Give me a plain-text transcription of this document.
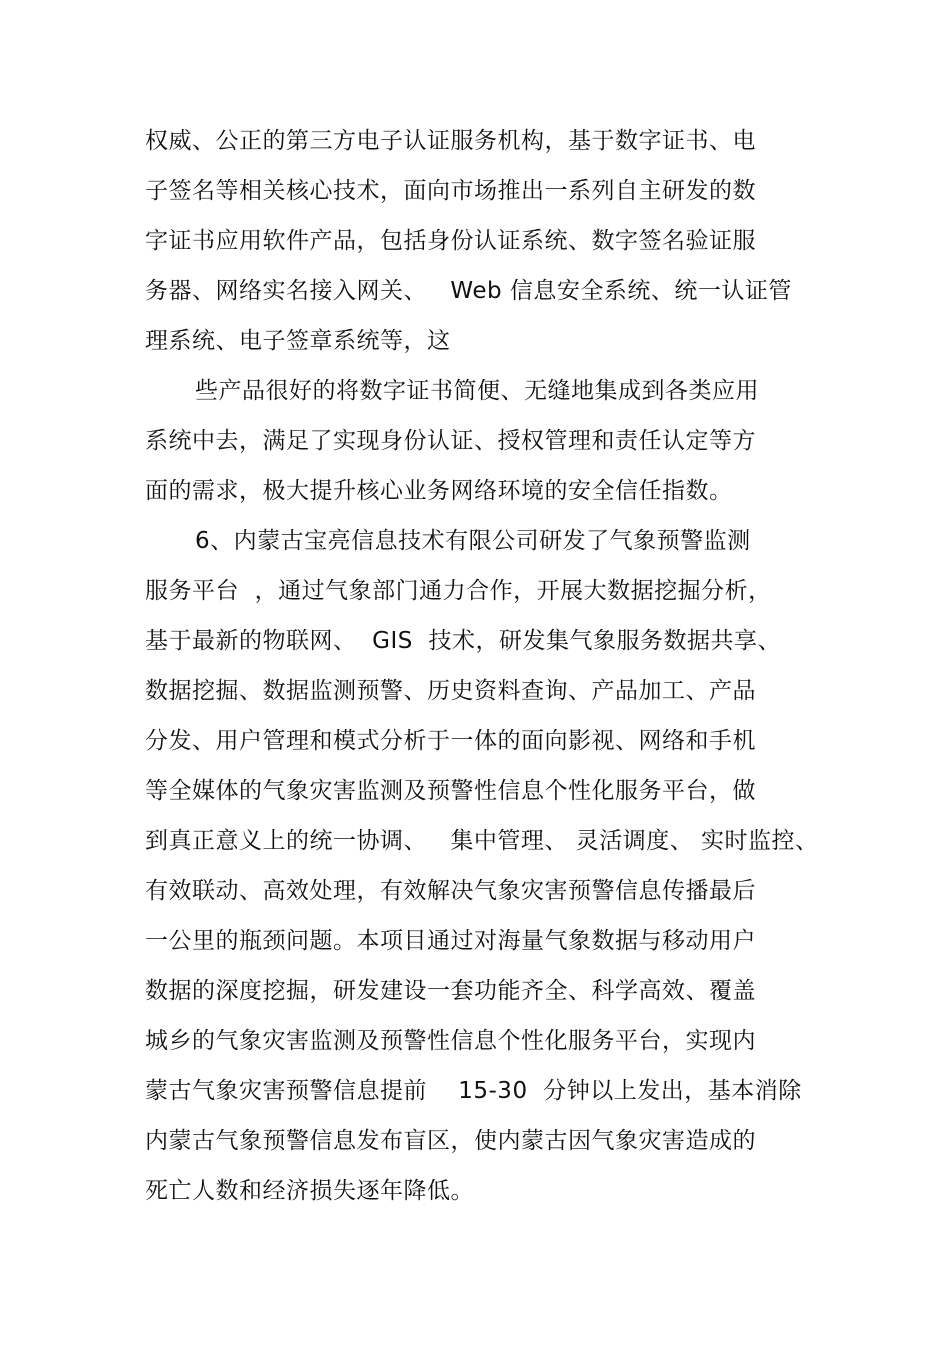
权威、公正的第三方电子认证服务机构，基于数字证书、电
子签名等相关核心技术，面向市场推出一系列自主研发的数
字证书应用软件产品，包括身份认证系统、数字签名验证服
务器、网络实名接入网关、   Web 信息安全系统、统一认证管
理系统、电子签章系统等，这
些产品很好的将数字证书简便、无缝地集成到各类应用
系统中去，满足了实现身份认证、授权管理和责任认定等方
面的需求，极大提升核心业务网络环境的安全信任指数。
6、内蒙古宝亮信息技术有限公司研发了气象预警监测
服务平台  ，通过气象部门通力合作，开展大数据挖掘分析，
基于最新的物联网、  GIS  技术，研发集气象服务数据共享、
数据挖掘、数据监测预警、历史资料查询、产品加工、产品
分发、用户管理和模式分析于一体的面向影视、网络和手机
等全媒体的气象灾害监测及预警性信息个性化服务平台，做
到真正意义上的统一协调、   集中管理、 灵活调度、 实时监控、
有效联动、高效处理，有效解决气象灾害预警信息传播最后
一公里的瓶颈问题。本项目通过对海量气象数据与移动用户
数据的深度挖掘，研发建设一套功能齐全、科学高效、覆盖
城乡的气象灾害监测及预警性信息个性化服务平台，实现内
蒙古气象灾害预警信息提前    15-30  分钟以上发出，基本消除
内蒙古气象预警信息发布盲区，使内蒙古因气象灾害造成的
死亡人数和经济损失逐年降低。
